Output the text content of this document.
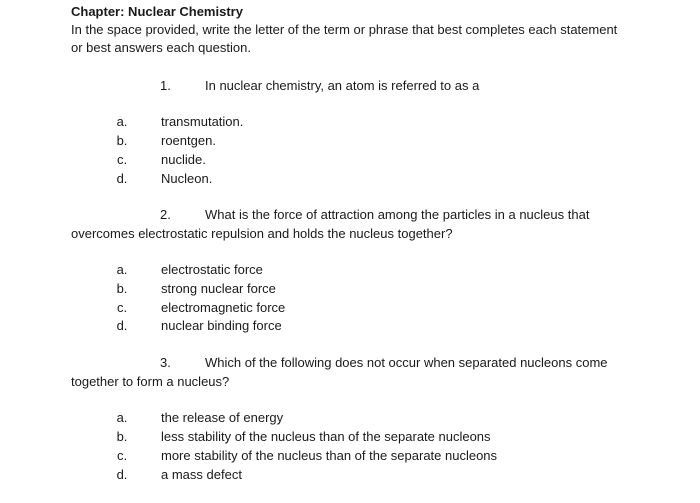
Chapter: Nuclear Chemistry
In the space provided, write the letter of the term or phrase that best completes each statement
or best answers each question.
1.	In nuclear chemistry, an atom is referred to as a
a.	transmutation.
b.	roentgen.
c.	nuclide.
d.	Nucleon.
2.	What is the force of attraction among the particles in a nucleus that
overcomes electrostatic repulsion and holds the nucleus together?
a.	electrostatic force
b.	strong nuclear force
c.	electromagnetic force
d.	nuclear binding force
3.	Which of the following does not occur when separated nucleons come
together to form a nucleus?
a.	the release of energy
b.	less stability of the nucleus than of the separate nucleons
c.	more stability of the nucleus than of the separate nucleons
d.	a mass defect
